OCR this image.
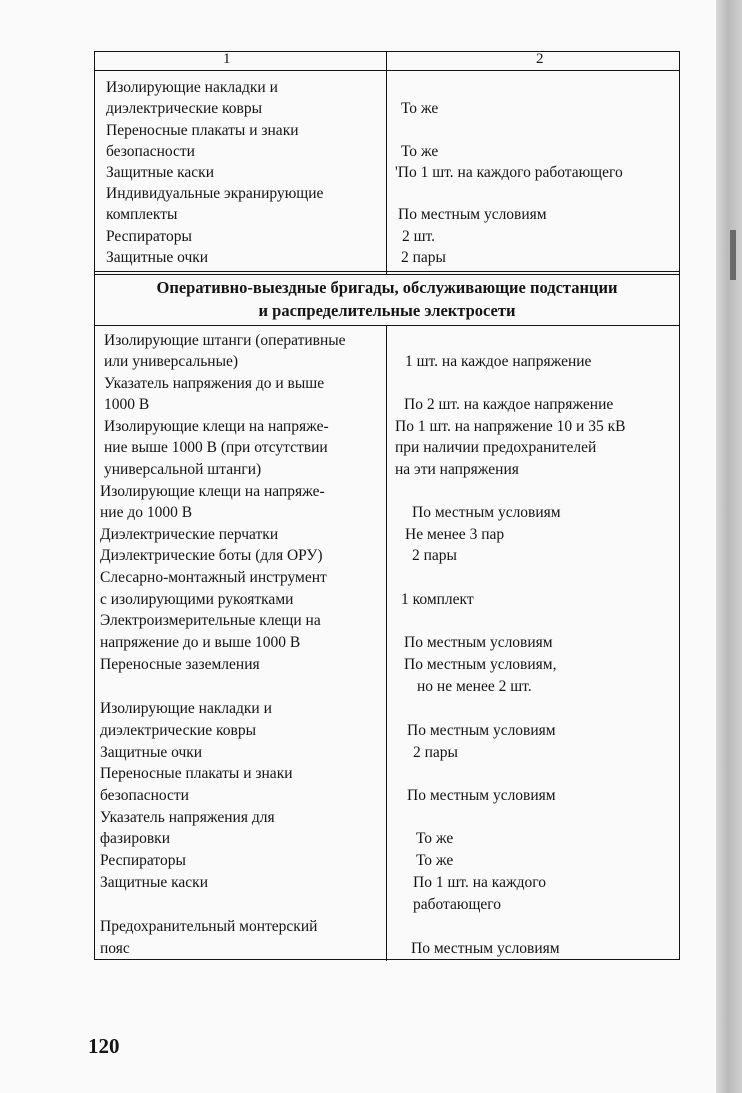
1	2
Изолирующие накладки и
диэлектрические ковры
Переносные плакаты и знаки
безопасности
Защитные каски
Индивидуальные экранирующие
комплекты
Респираторы
Защитные очки
То же
То же
'По 1 шт. на каждого работающего
По местным условиям
2 шт.
2 пары
Оперативно-выездные бригады, обслуживающие подстанции
и распределительные электросети
Изолирующие штанги (оперативные
или универсальные)
Указатель напряжения до и выше
1000 В
Изолирующие клещи на напряже-
ние выше 1000 В (при отсутствии
универсальной штанги)
Изолирующие клещи на напряже-
ние до 1000 В
Диэлектрические перчатки
Диэлектрические боты (для ОРУ)
Слесарно-монтажный инструмент
с изолирующими рукоятками
Электроизмерительные клещи на
напряжение до и выше 1000 В
Переносные заземления
Изолирующие накладки и
диэлектрические ковры
Защитные очки
Переносные плакаты и знаки
безопасности
Указатель напряжения для
фазировки
Респираторы
Защитные каски
Предохранительный монтерский
пояс
1 шт. на каждое напряжение
По 2 шт. на каждое напряжение
По 1 шт. на напряжение 10 и 35 кВ
при наличии предохранителей
на эти напряжения
По местным условиям
Не менее 3 пар
2 пары
1 комплект
По местным условиям
По местным условиям,
но не менее 2 шт.
По местным условиям
2 пары
По местным условиям
То же
То же
По 1 шт. на каждого
работающего
По местным условиям
120
